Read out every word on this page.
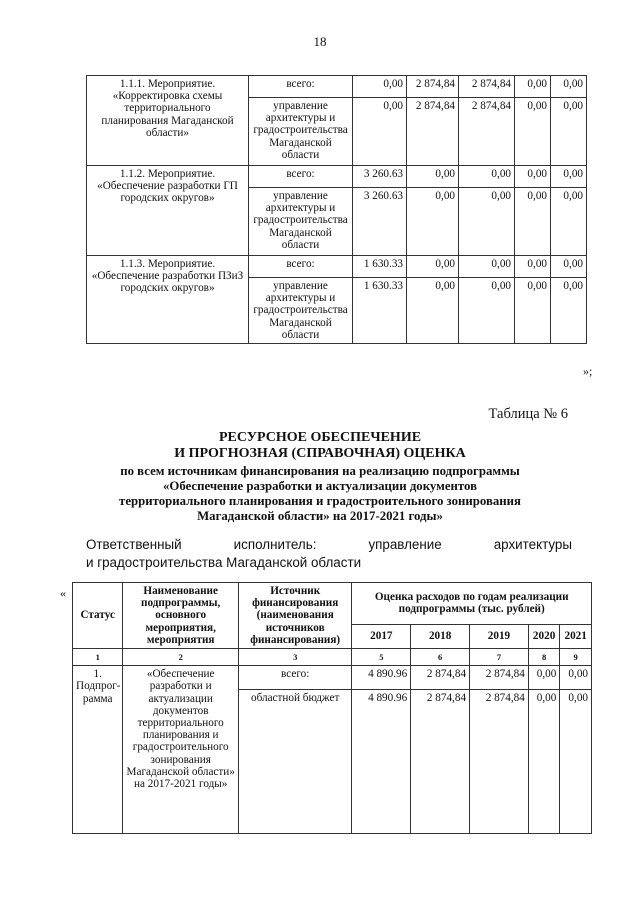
18
1.1.1. Мероприятие. «Корректировка схемы территориального планирования Магаданской области»	всего:	0,00	2 874,84	2 874,84	0,00	0,00
	управление архитектуры и градостроительства Магаданской области	0,00	2 874,84	2 874,84	0,00	0,00
1.1.2. Мероприятие. «Обеспечение разработки ГП городских округов»	всего:	3 260.63	0,00	0,00	0,00	0,00
	управление архитектуры и градостроительства Магаданской области	3 260.63	0,00	0,00	0,00	0,00
1.1.3. Мероприятие. «Обеспечение разработки ПЗиЗ городских округов»	всего:	1 630.33	0,00	0,00	0,00	0,00
	управление архитектуры и градостроительства Магаданской области	1 630.33	0,00	0,00	0,00	0,00
»;
Таблица № 6
РЕСУРСНОЕ ОБЕСПЕЧЕНИЕ
И ПРОГНОЗНАЯ (СПРАВОЧНАЯ) ОЦЕНКА
по всем источникам финансирования на реализацию подпрограммы
«Обеспечение разработки и актуализации документов
территориального планирования и градостроительного зонирования
Магаданской области» на 2017-2021 годы»
Ответственный	исполнитель:	управление	архитектуры
и градостроительства Магаданской области
«
Статус	Наименование подпрограммы, основного мероприятия, мероприятия	Источник финансирования (наименования источников финансирования)	Оценка расходов по годам реализации подпрограммы (тыс. рублей)				
			2017	2018	2019	2020	2021
1	2	3	5	6	7	8	9
1. Подпрог-рамма	«Обеспечение разработки и актуализации документов территориального планирования и градостроительного зонирования Магаданской области» на 2017-2021 годы»	всего:	4 890.96	2 874,84	2 874,84	0,00	0,00
		областной бюджет	4 890.96	2 874,84	2 874,84	0,00	0,00
